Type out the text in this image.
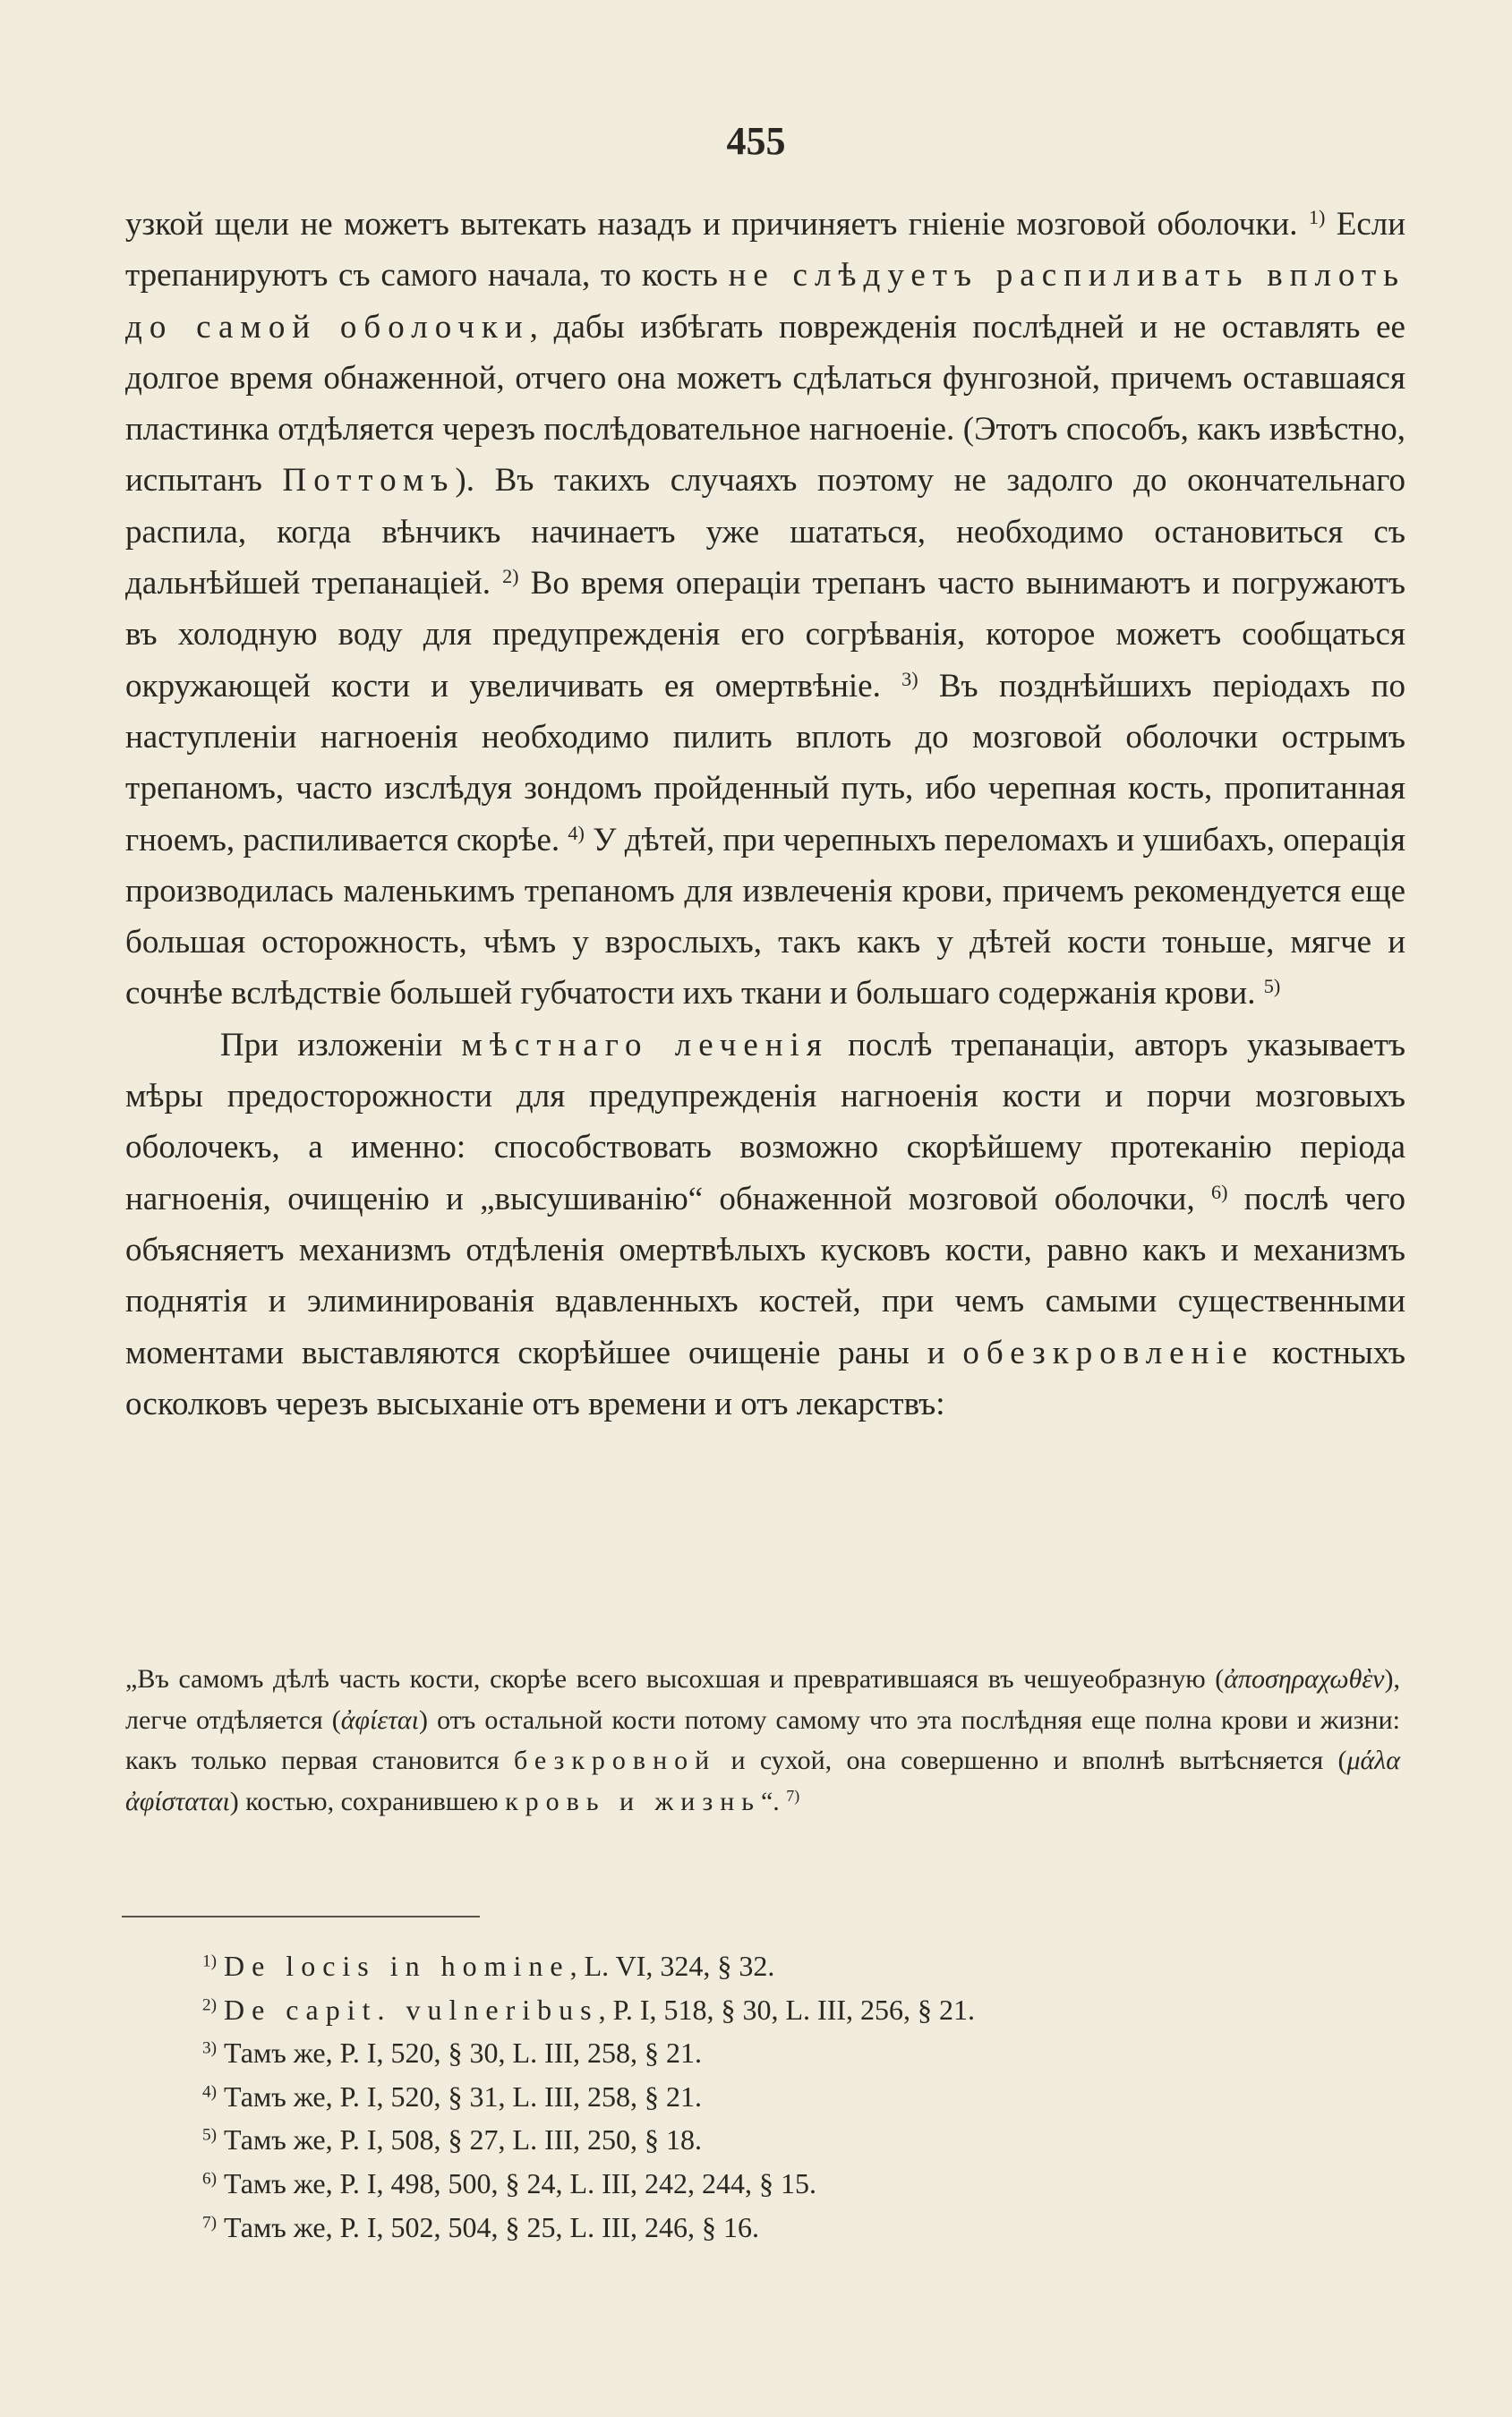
455

узкой щели не можетъ вытекать назадъ и причиняетъ гніеніе мозговой оболочки. $^{1)}$ Если трепанируютъ съ самого начала, то кость не слѣдуетъ распиливать вплоть до самой оболочки, дабы избѣгать поврежденія послѣдней и не оставлять ее долгое время обнаженной, отчего она можетъ сдѣлаться фунгозной, причемъ оставшаяся пластинка отдѣляется черезъ послѣдовательное нагноеніе. (Этотъ способъ, какъ извѣстно, испытанъ Поттомъ). Въ такихъ случаяхъ поэтому не задолго до окончательнаго распила, когда вѣнчикъ начинаетъ уже шататься, необходимо остановиться съ дальнѣйшей трепанаціей. $^{2)}$ Во время операціи трепанъ часто вынимаютъ и погружаютъ въ холодную воду для предупрежденія его согрѣванія, которое можетъ сообщаться окружающей кости и увеличивать ея омертвѣніе. $^{3)}$ Въ позднѣйшихъ періодахъ по наступленіи нагноенія необходимо пилить вплоть до мозговой оболочки острымъ трепаномъ, часто изслѣдуя зондомъ пройденный путь, ибо черепная кость, пропитанная гноемъ, распиливается скорѣе. $^{4)}$ У дѣтей, при черепныхъ переломахъ и ушибахъ, операція производилась маленькимъ трепаномъ для извлеченія крови, причемъ рекомендуется еще большая осторожность, чѣмъ у взрослыхъ, такъ какъ у дѣтей кости тоньше, мягче и сочнѣе вслѣдствіе большей губчатости ихъ ткани и большаго содержанія крови. $^{5)}$

При изложеніи мѣстнаго леченія послѣ трепанаціи, авторъ указываетъ мѣры предосторожности для предупрежденія нагноенія кости и порчи мозговыхъ оболочекъ, а именно: способствовать возможно скорѣйшему протеканію періода нагноенія, очищенію и „высушиванію“ обнаженной мозговой оболочки, $^{6)}$ послѣ чего объясняетъ механизмъ отдѣленія омертвѣлыхъ кусковъ кости, равно какъ и механизмъ поднятія и элиминированія вдавленныхъ костей, при чемъ самыми существенными моментами выставляются скорѣйшее очищеніе раны и обезкровленіе костныхъ осколковъ черезъ высыханіе отъ времени и отъ лекарствъ:

„Въ самомъ дѣлѣ часть кости, скорѣе всего высохшая и превратившаяся въ чешуеобразную (ἀποσηραχωθὲν), легче отдѣляется (ἀφίεται) отъ остальной кости потому самому что эта послѣдняя еще полна крови и жизни: какъ только первая становится безкровной и сухой, она совершенно и вполнѣ вытѣсняется (μάλα ἀφίσταται) костью, сохранившею кровь и жизнь“. $^{7)}$

$^{1)}$ De locis in homine, L. VI, 324, § 32.
$^{2)}$ De capit. vulneribus, P. I, 518, § 30, L. III, 256, § 21.
$^{3)}$ Тамъ же, P. I, 520, § 30, L. III, 258, § 21.
$^{4)}$ Тамъ же, P. I, 520, § 31, L. III, 258, § 21.
$^{5)}$ Тамъ же, P. I, 508, § 27, L. III, 250, § 18.
$^{6)}$ Тамъ же, P. I, 498, 500, § 24, L. III, 242, 244, § 15.
$^{7)}$ Тамъ же, P. I, 502, 504, § 25, L. III, 246, § 16.
